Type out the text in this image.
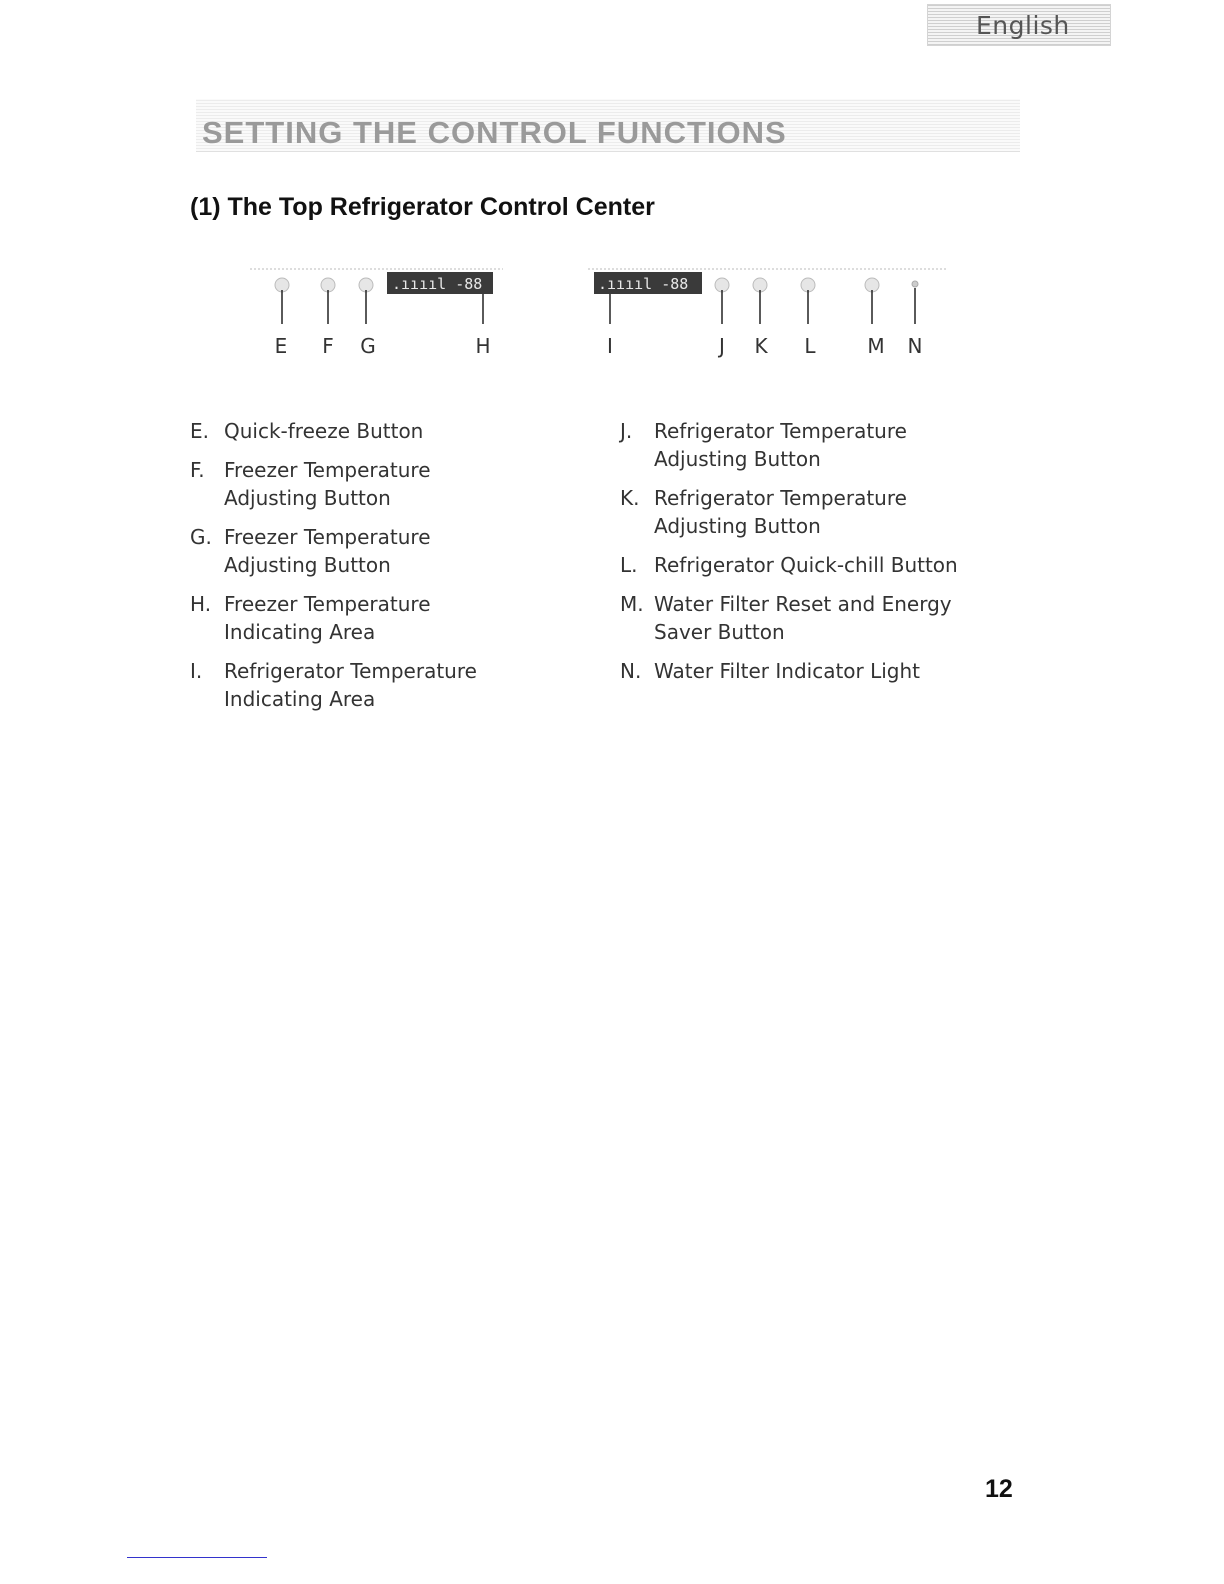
English
SETTING THE CONTROL FUNCTIONS
(1) The Top Refrigerator Control Center
.ııııl -88	.ııııl -88
E F G	H	I	J K L	M N
E. Quick-freeze Button
F. Freezer Temperature
Adjusting Button
G. Freezer Temperature
Adjusting Button
H. Freezer Temperature
Indicating Area
I. Refrigerator Temperature
Indicating Area
J. Refrigerator Temperature
Adjusting Button
K. Refrigerator Temperature
Adjusting Button
L. Refrigerator Quick-chill Button
M. Water Filter Reset and Energy
Saver Button
N. Water Filter Indicator Light
12
